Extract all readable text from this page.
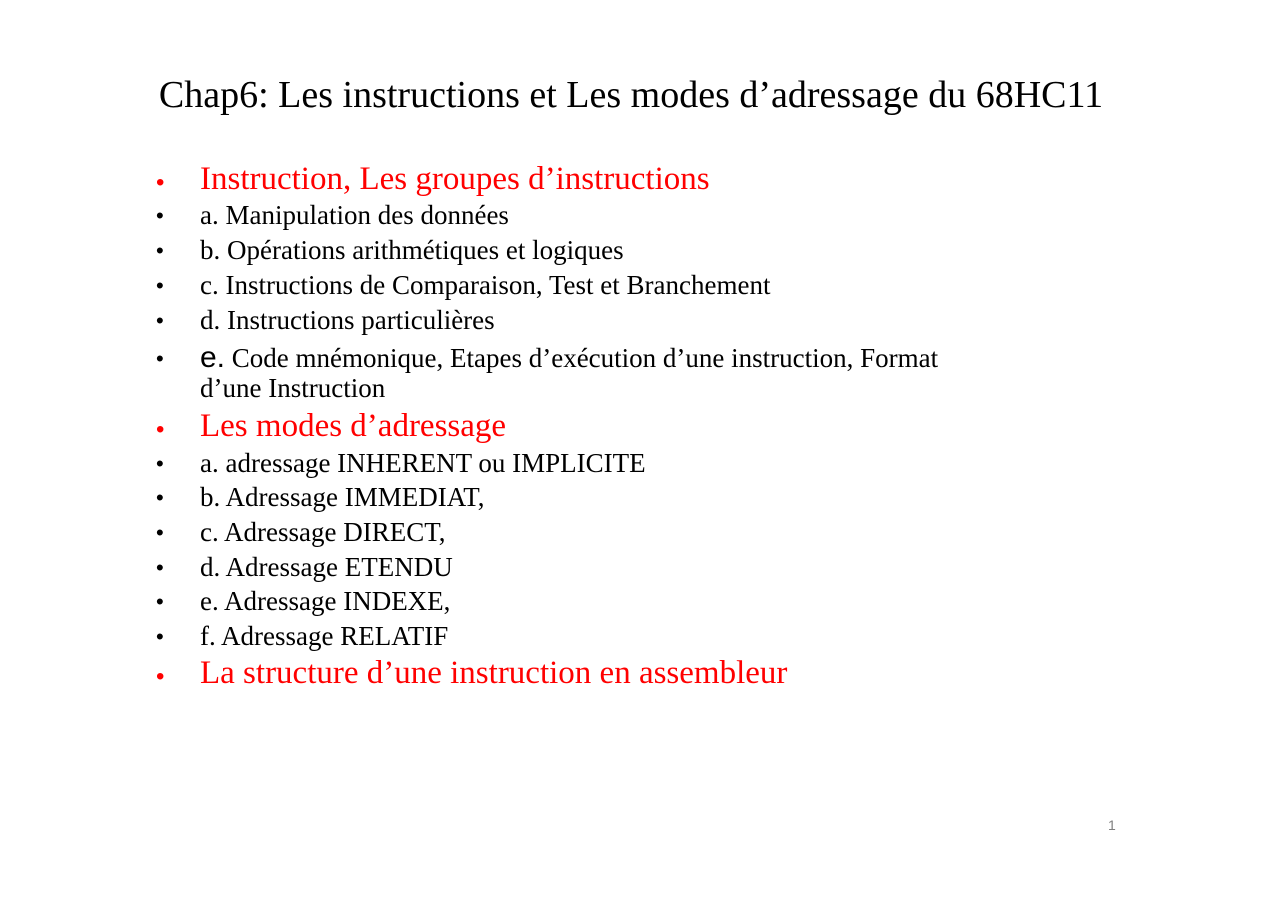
Chap6: Les instructions et Les modes d’adressage du 68HC11
• Instruction, Les groupes d’instructions
• a. Manipulation des données
• b. Opérations arithmétiques et logiques
• c. Instructions de Comparaison, Test et Branchement
• d. Instructions particulières
• e. Code mnémonique, Etapes d’exécution d’une instruction, Format
d’une Instruction
• Les modes d’adressage
• a. adressage INHERENT ou IMPLICITE
• b. Adressage IMMEDIAT,
• c. Adressage DIRECT,
• d. Adressage ETENDU
• e. Adressage INDEXE,
• f. Adressage RELATIF
• La structure d’une instruction en assembleur
1
